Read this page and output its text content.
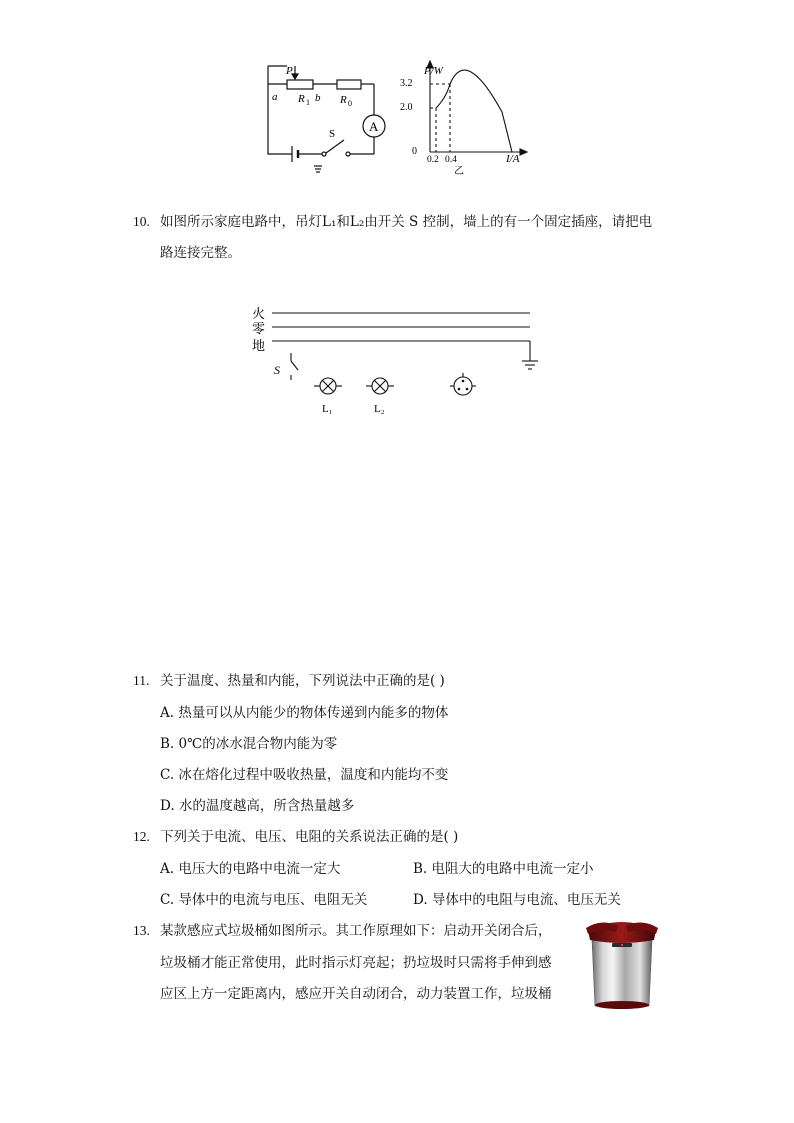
P
a R 1 b R 0
A
S
P/W
3.2
2.0
0
0.2 0.4	I/A
乙
10. 如图所示家庭电路中，吊灯L₁和L₂由开关 S 控制，墙上的有一个固定插座，请把电
路连接完整。
火
零
地
S
L₁	L₂
11. 关于温度、热量和内能，下列说法中正确的是( )
A. 热量可以从内能少的物体传递到内能多的物体
B. 0℃的冰水混合物内能为零
C. 冰在熔化过程中吸收热量，温度和内能均不变
D. 水的温度越高，所含热量越多
12. 下列关于电流、电压、电阻的关系说法正确的是( )
A. 电压大的电路中电流一定大	B. 电阻大的电路中电流一定小
C. 导体中的电流与电压、电阻无关	D. 导体中的电阻与电流、电压无关
13. 某款感应式垃圾桶如图所示。其工作原理如下：启动开关闭合后，
垃圾桶才能正常使用，此时指示灯亮起；扔垃圾时只需将手伸到感
应区上方一定距离内，感应开关自动闭合，动力装置工作，垃圾桶
